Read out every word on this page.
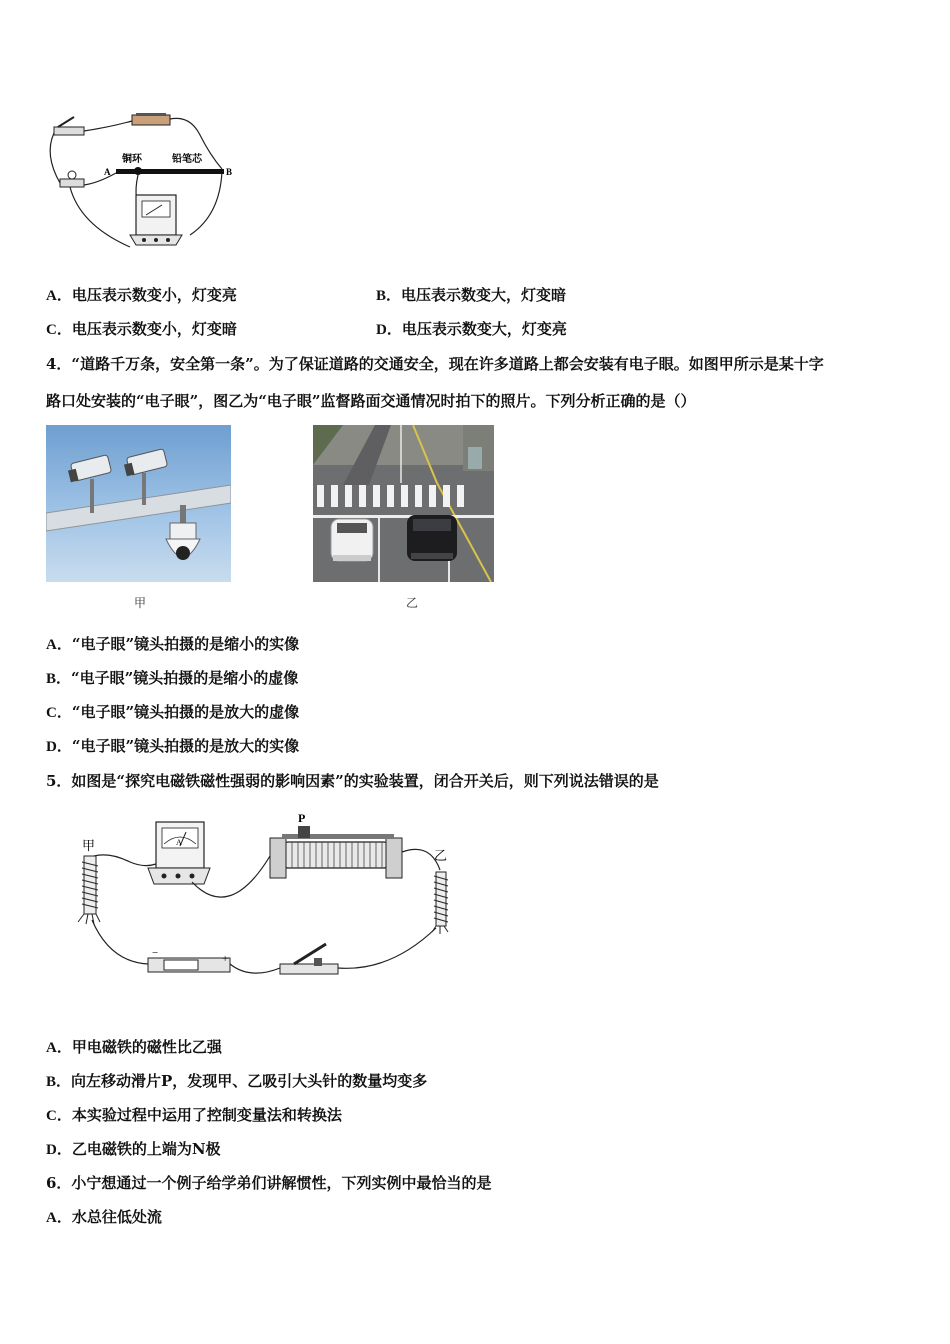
A	B
铜环	铅笔芯
A．电压表示数变小，灯变亮	B．电压表示数变大，灯变暗
C．电压表示数变小，灯变暗	D．电压表示数变大，灯变亮
4．“道路千万条，安全第一条”。为了保证道路的交通安全，现在许多道路上都会安装有电子眼。如图甲所示是某十字
路口处安装的“电子眼”，图乙为“电子眼”监督路面交通情况时拍下的照片。下列分析正确的是（）
甲	乙
A．“电子眼”镜头拍摄的是缩小的实像
B．“电子眼”镜头拍摄的是缩小的虚像
C．“电子眼”镜头拍摄的是放大的虚像
D．“电子眼”镜头拍摄的是放大的实像
5．如图是“探究电磁铁磁性强弱的影响因素”的实验装置，闭合开关后，则下列说法错误的是
A
P
−	+
甲
乙
A．甲电磁铁的磁性比乙强
B．向左移动滑片P，发现甲、乙吸引大头针的数量均变多
C．本实验过程中运用了控制变量法和转换法
D．乙电磁铁的上端为N极
6．小宁想通过一个例子给学弟们讲解惯性，下列实例中最恰当的是
A．水总往低处流
